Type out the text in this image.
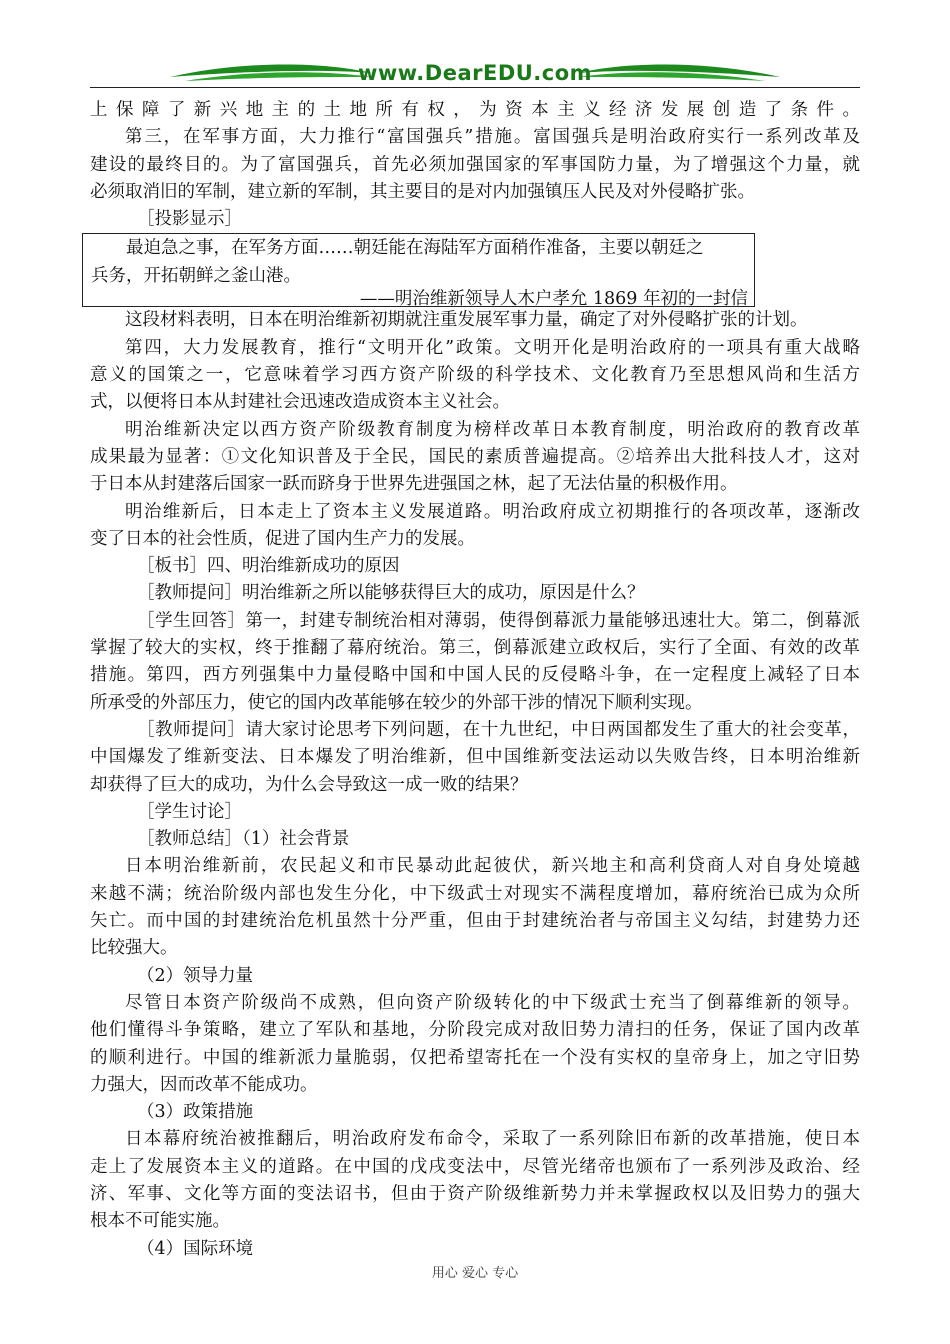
www.DearEDU.com
上保障了新兴地主的土地所有权，为资本主义经济发展创造了条件。
第三，在军事方面，大力推行“富国强兵”措施。富国强兵是明治政府实行一系列改革及
建设的最终目的。为了富国强兵，首先必须加强国家的军事国防力量，为了增强这个力量，就
必须取消旧的军制，建立新的军制，其主要目的是对内加强镇压人民及对外侵略扩张。
［投影显示］
最迫急之事，在军务方面……朝廷能在海陆军方面稍作准备，主要以朝廷之
兵务，开拓朝鲜之釜山港。
——明治维新领导人木户孝允 1869 年初的一封信
这段材料表明，日本在明治维新初期就注重发展军事力量，确定了对外侵略扩张的计划。
第四，大力发展教育，推行“文明开化”政策。文明开化是明治政府的一项具有重大战略
意义的国策之一，它意味着学习西方资产阶级的科学技术、文化教育乃至思想风尚和生活方
式，以便将日本从封建社会迅速改造成资本主义社会。
明治维新决定以西方资产阶级教育制度为榜样改革日本教育制度，明治政府的教育改革
成果最为显著：①文化知识普及于全民，国民的素质普遍提高。②培养出大批科技人才，这对
于日本从封建落后国家一跃而跻身于世界先进强国之林，起了无法估量的积极作用。
明治维新后，日本走上了资本主义发展道路。明治政府成立初期推行的各项改革，逐渐改
变了日本的社会性质，促进了国内生产力的发展。
［板书］四、明治维新成功的原因
［教师提问］明治维新之所以能够获得巨大的成功，原因是什么？
［学生回答］第一，封建专制统治相对薄弱，使得倒幕派力量能够迅速壮大。第二，倒幕派
掌握了较大的实权，终于推翻了幕府统治。第三，倒幕派建立政权后，实行了全面、有效的改革
措施。第四，西方列强集中力量侵略中国和中国人民的反侵略斗争，在一定程度上减轻了日本
所承受的外部压力，使它的国内改革能够在较少的外部干涉的情况下顺利实现。
［教师提问］请大家讨论思考下列问题，在十九世纪，中日两国都发生了重大的社会变革，
中国爆发了维新变法、日本爆发了明治维新，但中国维新变法运动以失败告终，日本明治维新
却获得了巨大的成功，为什么会导致这一成一败的结果？
［学生讨论］
［教师总结］（1）社会背景
日本明治维新前，农民起义和市民暴动此起彼伏，新兴地主和高利贷商人对自身处境越
来越不满；统治阶级内部也发生分化，中下级武士对现实不满程度增加，幕府统治已成为众所
矢亡。而中国的封建统治危机虽然十分严重，但由于封建统治者与帝国主义勾结，封建势力还
比较强大。
（2）领导力量
尽管日本资产阶级尚不成熟，但向资产阶级转化的中下级武士充当了倒幕维新的领导。
他们懂得斗争策略，建立了军队和基地，分阶段完成对敌旧势力清扫的任务，保证了国内改革
的顺利进行。中国的维新派力量脆弱，仅把希望寄托在一个没有实权的皇帝身上，加之守旧势
力强大，因而改革不能成功。
（3）政策措施
日本幕府统治被推翻后，明治政府发布命令，采取了一系列除旧布新的改革措施，使日本
走上了发展资本主义的道路。在中国的戊戌变法中，尽管光绪帝也颁布了一系列涉及政治、经
济、军事、文化等方面的变法诏书，但由于资产阶级维新势力并未掌握政权以及旧势力的强大
根本不可能实施。
（4）国际环境
用心 爱心 专心
